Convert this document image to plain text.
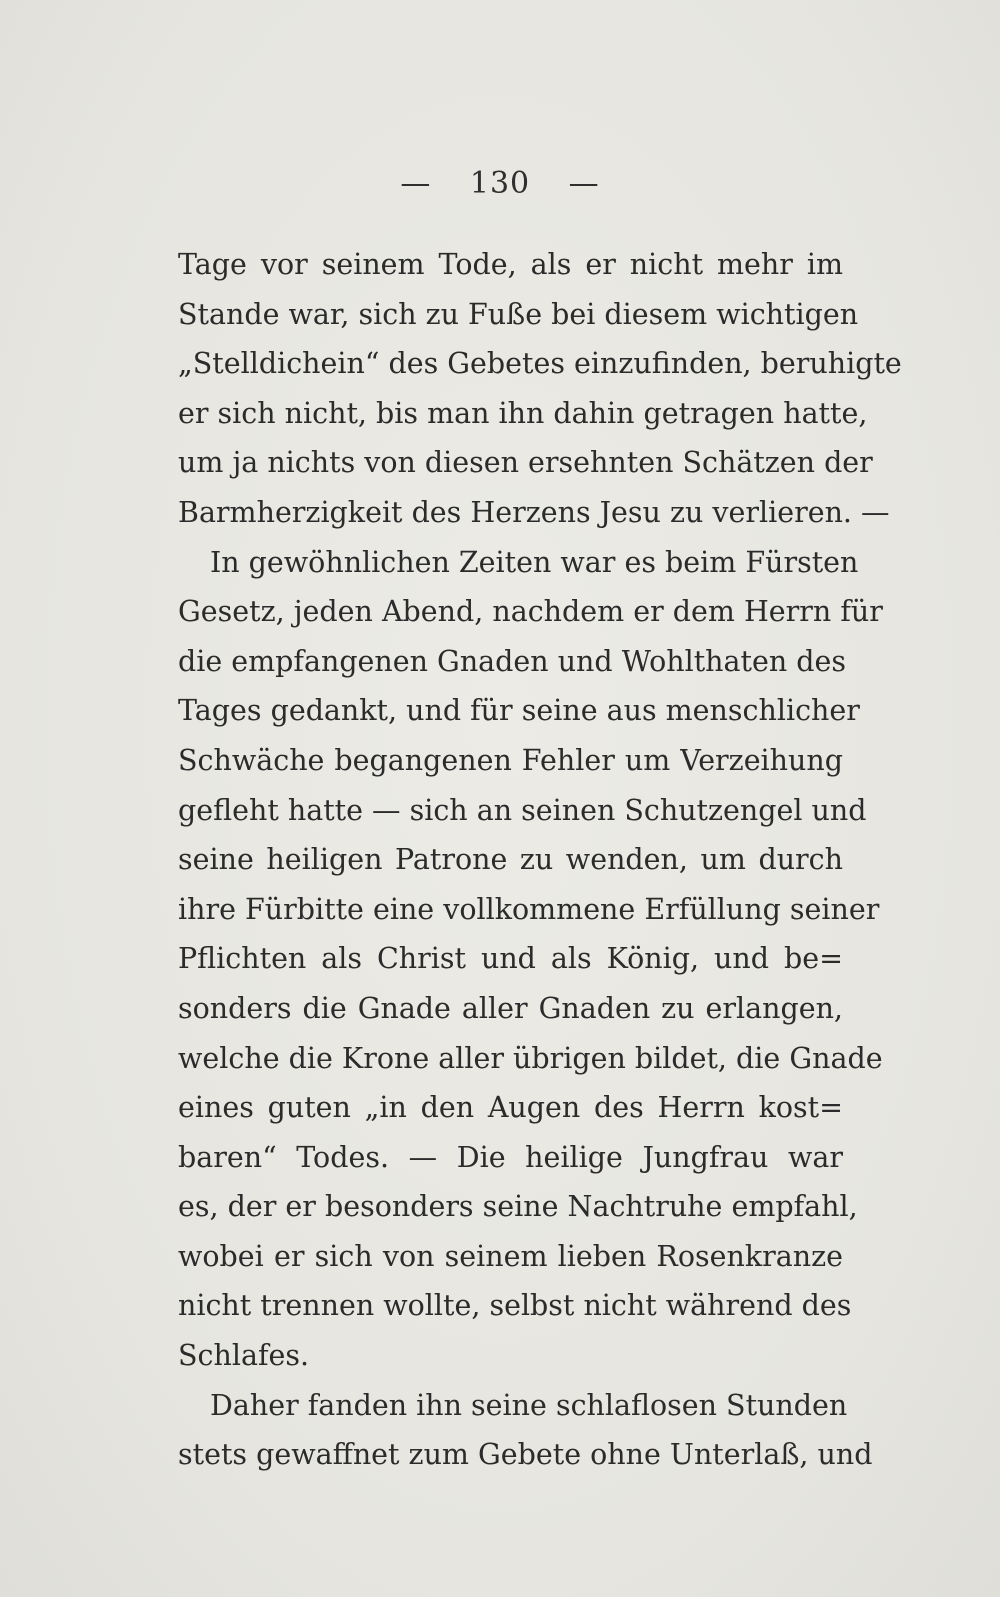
— 130 —
Tage vor seinem Tode, als er nicht mehr im
Stande war, sich zu Fuße bei diesem wichtigen
„Stelldichein“ des Gebetes einzufinden, beruhigte
er sich nicht, bis man ihn dahin getragen hatte,
um ja nichts von diesen ersehnten Schätzen der
Barmherzigkeit des Herzens Jesu zu verlieren. —
In gewöhnlichen Zeiten war es beim Fürsten
Gesetz, jeden Abend, nachdem er dem Herrn für
die empfangenen Gnaden und Wohlthaten des
Tages gedankt, und für seine aus menschlicher
Schwäche begangenen Fehler um Verzeihung
gefleht hatte — sich an seinen Schutzengel und
seine heiligen Patrone zu wenden, um durch
ihre Fürbitte eine vollkommene Erfüllung seiner
Pflichten als Christ und als König, und be=
sonders die Gnade aller Gnaden zu erlangen,
welche die Krone aller übrigen bildet, die Gnade
eines guten „in den Augen des Herrn kost=
baren“ Todes. — Die heilige Jungfrau war
es, der er besonders seine Nachtruhe empfahl,
wobei er sich von seinem lieben Rosenkranze
nicht trennen wollte, selbst nicht während des
Schlafes.
Daher fanden ihn seine schlaflosen Stunden
stets gewaffnet zum Gebete ohne Unterlaß, und
